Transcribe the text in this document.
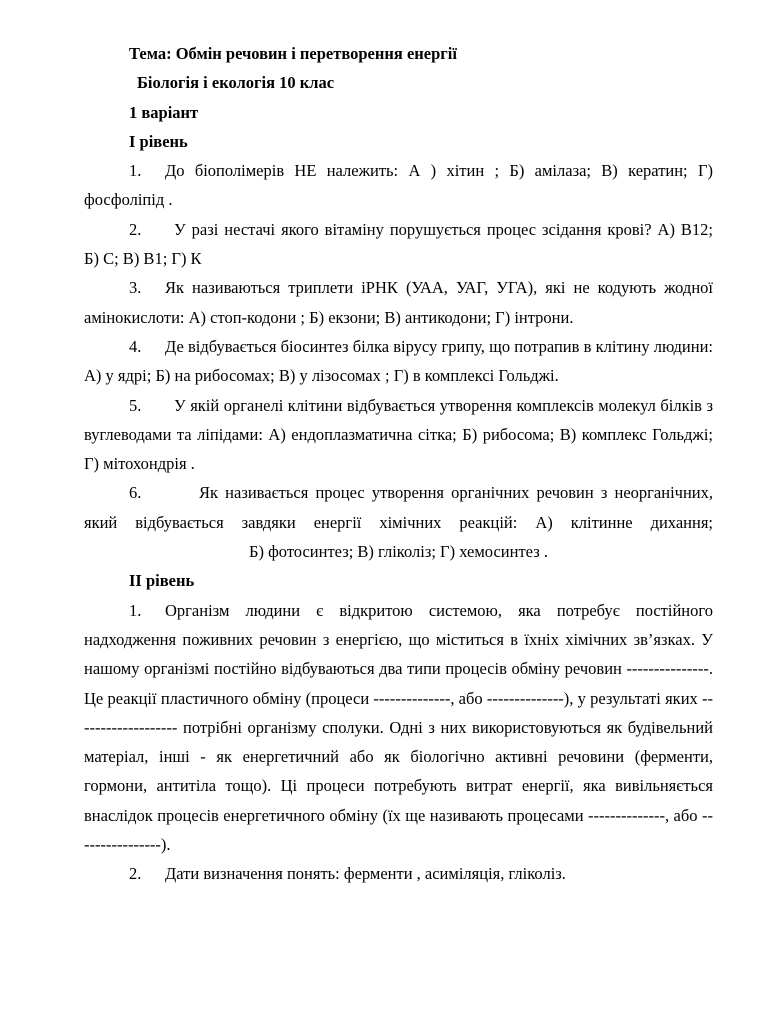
Тема: Обмін речовин і перетворення енергії
Біологія і екологія 10 клас
1 варіант
І рівень

1. До біополімерів НЕ належить: А ) хітин ; Б) амілаза; В) кератин; Г) фосфоліпід .

2. У разі нестачі якого вітаміну порушується процес зсідання крові? А) В12; Б) С; В) В1; Г) К

3. Як називаються триплети іРНК (УАА, УАГ, УГА), які не кодують жодної амінокислоти: А) стоп-кодони ; Б) екзони; В) антикодони; Г) інтрони.

4. Де відбувається біосинтез білка вірусу грипу, що потрапив в клітину людини: А) у ядрі; Б) на рибосомах; В) у лізосомах ; Г) в комплексі Гольджі.

5. У якій органелі клітини відбувається утворення комплексів молекул білків з вуглеводами та ліпідами: А) ендоплазматична сітка; Б) рибосома; В) комплекс Гольджі; Г) мітохондрія .

6.	Як називається процес утворення органічних речовин з неорганічних, який відбувається завдяки енергії хімічних реакцій: А) клітинне дихання; Б) фотосинтез; В) гліколіз; Г) хемосинтез .

ІІ рівень

1. Організм людини є відкритою системою, яка потребує постійного надходження поживних речовин з енергією, що міститься в їхніх хімічних зв’язках. У нашому організмі постійно відбуваються два типи процесів обміну речовин ---------------. Це реакції пластичного обміну (процеси --------------, або --------------), у результаті яких ------------------- потрібні організму сполуки. Одні з них використовуються як будівельний матеріал, інші - як енергетичний або як біологічно активні речовини (ферменти, гормони, антитіла тощо). Ці процеси потребують витрат енергії, яка вивільняється внаслідок процесів енергетичного обміну (їх ще називають процесами --------------, або ----------------).

2. Дати визначення понять: ферменти , асиміляція, гліколіз.
